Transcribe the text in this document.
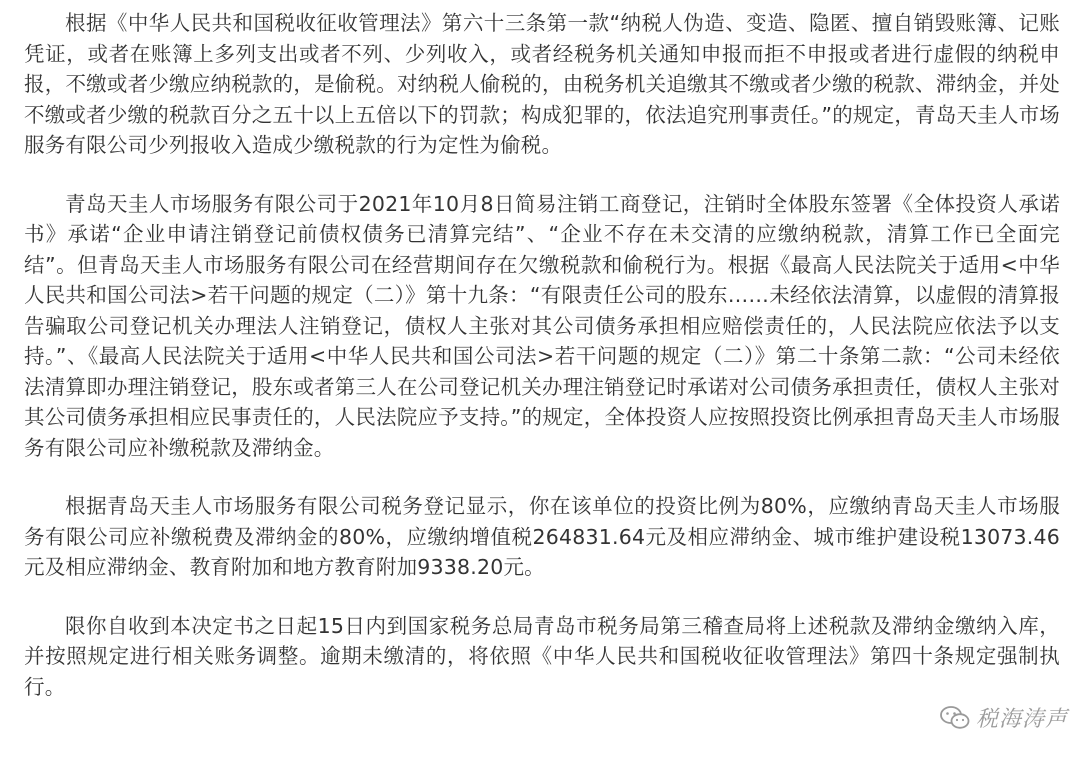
根据《中华人民共和国税收征收管理法》第六十三条第一款“纳税人伪造、变造、隐匿、擅自销毁账簿、记账凭证，或者在账簿上多列支出或者不列、少列收入，或者经税务机关通知申报而拒不申报或者进行虚假的纳税申报，不缴或者少缴应纳税款的，是偷税。对纳税人偷税的，由税务机关追缴其不缴或者少缴的税款、滞纳金，并处不缴或者少缴的税款百分之五十以上五倍以下的罚款；构成犯罪的，依法追究刑事责任。”的规定，青岛天圭人市场服务有限公司少列报收入造成少缴税款的行为定性为偷税。

青岛天圭人市场服务有限公司于2021年10月8日简易注销工商登记，注销时全体股东签署《全体投资人承诺书》承诺“企业申请注销登记前债权债务已清算完结”、“企业不存在未交清的应缴纳税款，清算工作已全面完结”。但青岛天圭人市场服务有限公司在经营期间存在欠缴税款和偷税行为。根据《最高人民法院关于适用<中华人民共和国公司法>若干问题的规定（二）》第十九条：“有限责任公司的股东……未经依法清算，以虚假的清算报告骗取公司登记机关办理法人注销登记，债权人主张对其公司债务承担相应赔偿责任的，人民法院应依法予以支持。”、《最高人民法院关于适用<中华人民共和国公司法>若干问题的规定（二）》第二十条第二款：“公司未经依法清算即办理注销登记，股东或者第三人在公司登记机关办理注销登记时承诺对公司债务承担责任，债权人主张对其公司债务承担相应民事责任的，人民法院应予支持。”的规定，全体投资人应按照投资比例承担青岛天圭人市场服务有限公司应补缴税款及滞纳金。

根据青岛天圭人市场服务有限公司税务登记显示，你在该单位的投资比例为80%，应缴纳青岛天圭人市场服务有限公司应补缴税费及滞纳金的80%，应缴纳增值税264831.64元及相应滞纳金、城市维护建设税13073.46元及相应滞纳金、教育附加和地方教育附加9338.20元。

限你自收到本决定书之日起15日内到国家税务总局青岛市税务局第三稽查局将上述税款及滞纳金缴纳入库，并按照规定进行相关账务调整。逾期未缴清的，将依照《中华人民共和国税收征收管理法》第四十条规定强制执行。

税海涛声
